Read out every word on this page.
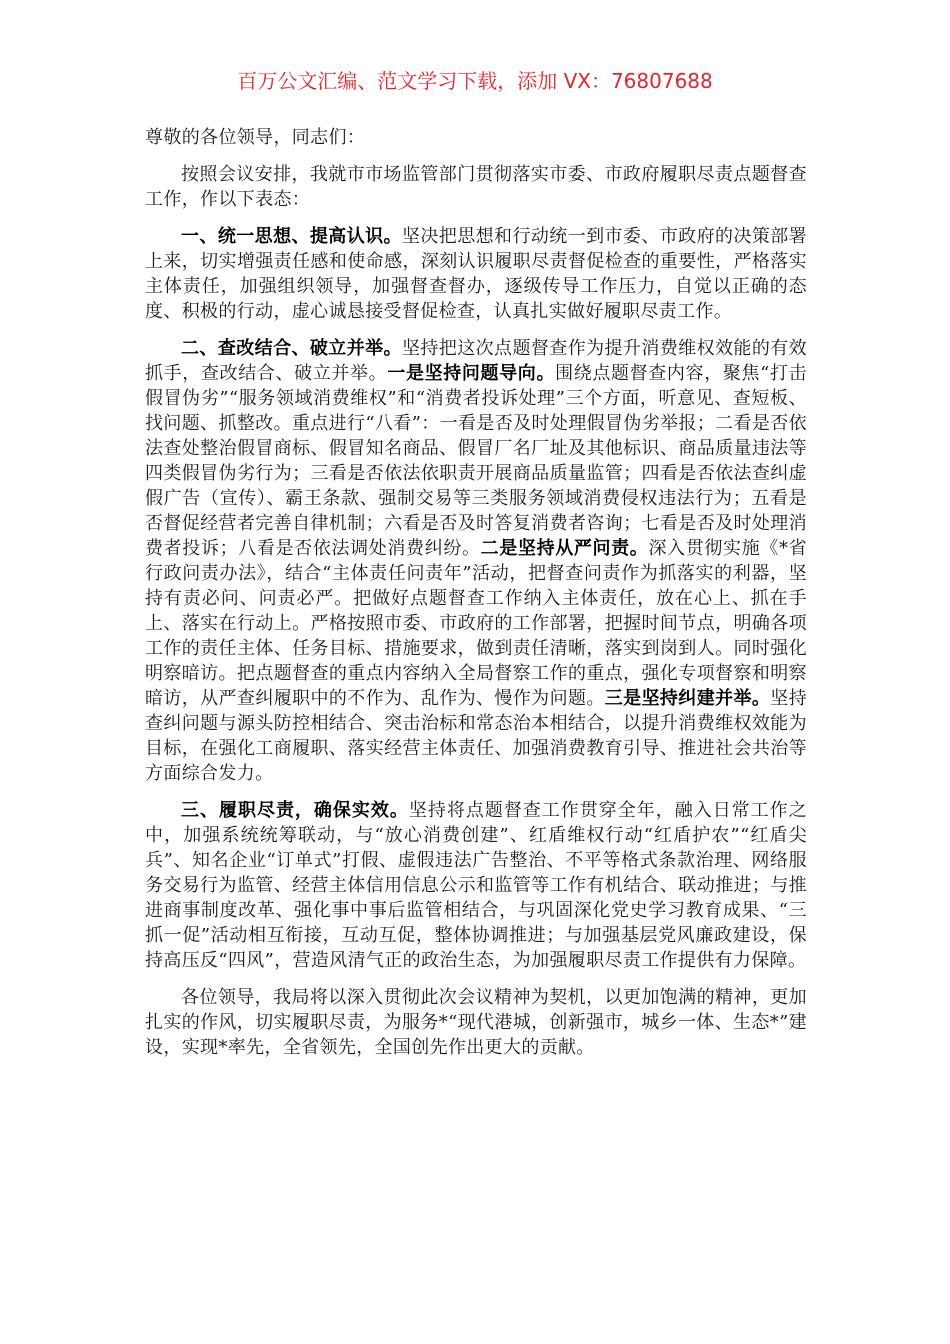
百万公文汇编、范文学习下载，添加 VX：76807688

尊敬的各位领导，同志们：

按照会议安排，我就市市场监管部门贯彻落实市委、市政府履职尽责点题督查工作，作以下表态：

一、统一思想、提高认识。坚决把思想和行动统一到市委、市政府的决策部署上来，切实增强责任感和使命感，深刻认识履职尽责督促检查的重要性，严格落实主体责任，加强组织领导，加强督查督办，逐级传导工作压力，自觉以正确的态度、积极的行动，虚心诚恳接受督促检查，认真扎实做好履职尽责工作。

二、查改结合、破立并举。坚持把这次点题督查作为提升消费维权效能的有效抓手，查改结合、破立并举。一是坚持问题导向。围绕点题督查内容，聚焦“打击假冒伪劣”“服务领域消费维权”和“消费者投诉处理”三个方面，听意见、查短板、找问题、抓整改。重点进行“八看”：一看是否及时处理假冒伪劣举报；二看是否依法查处整治假冒商标、假冒知名商品、假冒厂名厂址及其他标识、商品质量违法等四类假冒伪劣行为；三看是否依法依职责开展商品质量监管；四看是否依法查纠虚假广告（宣传）、霸王条款、强制交易等三类服务领域消费侵权违法行为；五看是否督促经营者完善自律机制；六看是否及时答复消费者咨询；七看是否及时处理消费者投诉；八看是否依法调处消费纠纷。二是坚持从严问责。深入贯彻实施《*省行政问责办法》，结合“主体责任问责年”活动，把督查问责作为抓落实的利器，坚持有责必问、问责必严。把做好点题督查工作纳入主体责任，放在心上、抓在手上、落实在行动上。严格按照市委、市政府的工作部署，把握时间节点，明确各项工作的责任主体、任务目标、措施要求，做到责任清晰，落实到岗到人。同时强化明察暗访。把点题督查的重点内容纳入全局督察工作的重点，强化专项督察和明察暗访，从严查纠履职中的不作为、乱作为、慢作为问题。三是坚持纠建并举。坚持查纠问题与源头防控相结合、突击治标和常态治本相结合，以提升消费维权效能为目标，在强化工商履职、落实经营主体责任、加强消费教育引导、推进社会共治等方面综合发力。

三、履职尽责，确保实效。坚持将点题督查工作贯穿全年，融入日常工作之中，加强系统统筹联动，与“放心消费创建”、红盾维权行动“红盾护农”“红盾尖兵”、知名企业“订单式”打假、虚假违法广告整治、不平等格式条款治理、网络服务交易行为监管、经营主体信用信息公示和监管等工作有机结合、联动推进；与推进商事制度改革、强化事中事后监管相结合，与巩固深化党史学习教育成果、“三抓一促”活动相互衔接，互动互促，整体协调推进；与加强基层党风廉政建设，保持高压反“四风”，营造风清气正的政治生态，为加强履职尽责工作提供有力保障。

各位领导，我局将以深入贯彻此次会议精神为契机，以更加饱满的精神，更加扎实的作风，切实履职尽责，为服务*“现代港城，创新强市，城乡一体、生态*”建设，实现*率先，全省领先，全国创先作出更大的贡献。
